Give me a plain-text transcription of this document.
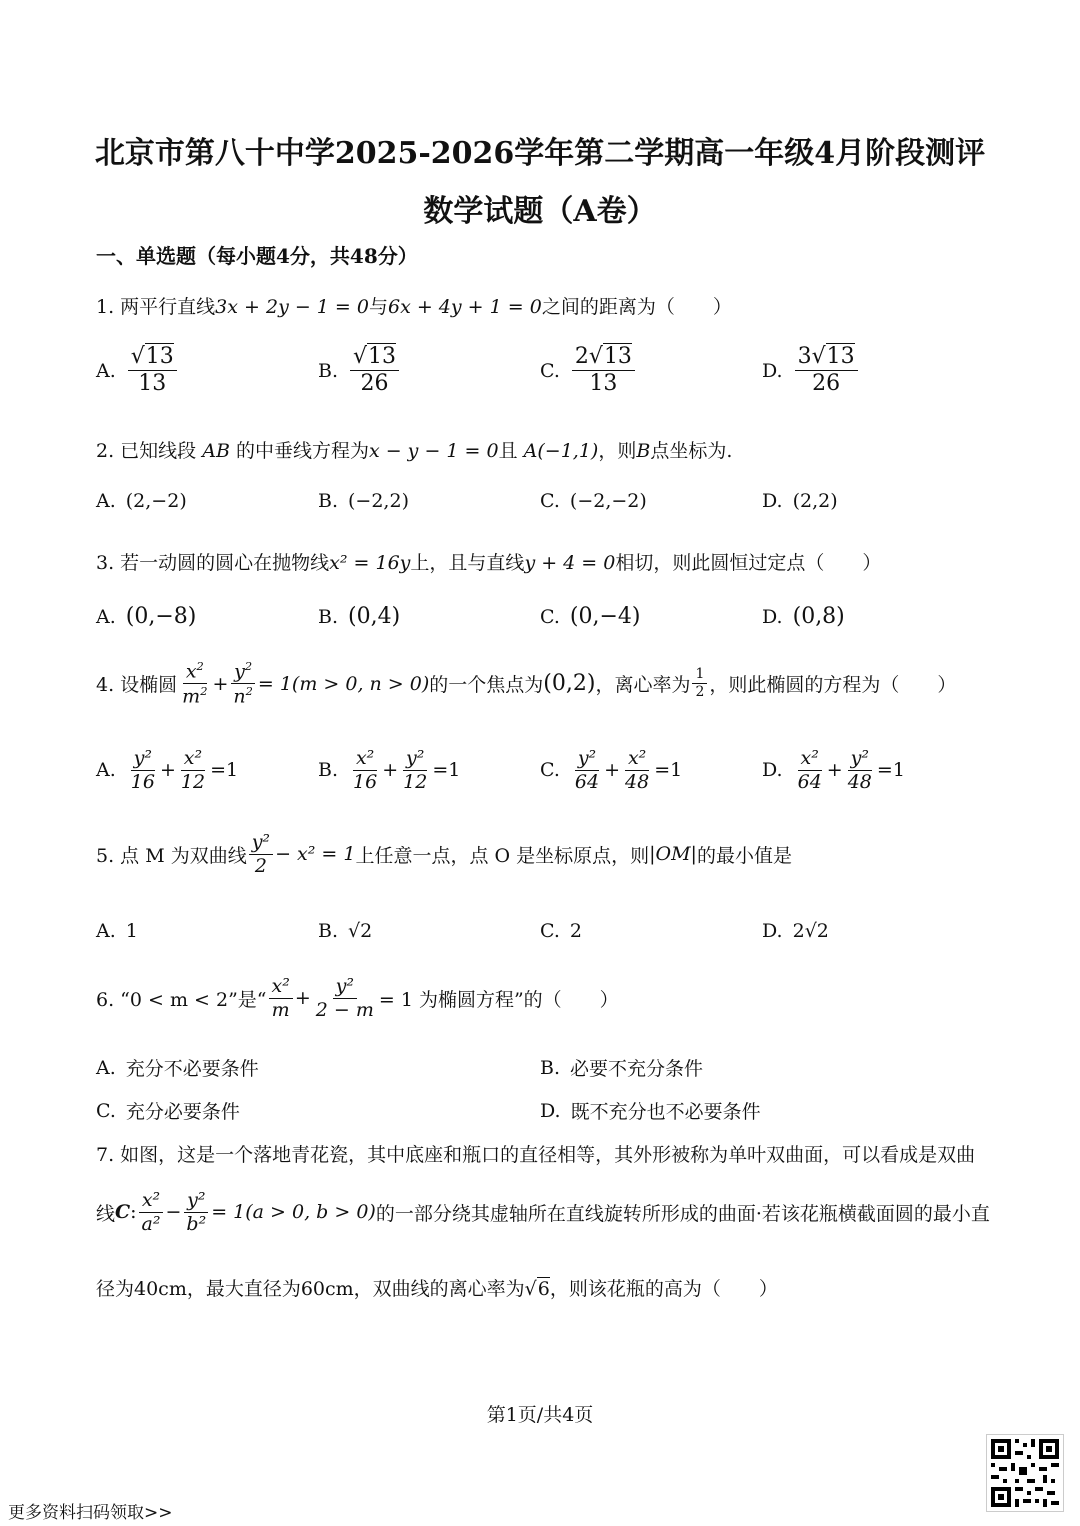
北京市第八十中学2025-2026学年第二学期高一年级4月阶段测评
数学试题（A卷）
一、单选题（每小题4分，共48分）
1. 两平行直线3x + 2y − 1 = 0与6x + 4y + 1 = 0之间的距离为（　　）
A. $\frac{√13}{13}$	B. $\frac{√13}{26}$	C. $\frac{2√13}{13}$	D. $\frac{3√13}{26}$
2. 已知线段 AB 的中垂线方程为x − y − 1 = 0且 A(−1,1)，则B点坐标为.
A. (2,−2)	B. (−2,2)	C. (−2,−2)	D. (2,2)
3. 若一动圆的圆心在抛物线x² = 16y上，且与直线y + 4 = 0相切，则此圆恒过定点（　　）
A. (0,−8)	B. (0,4)	C. (0,−4)	D. (0,8)
4. 设椭圆 $\frac{x^2}{m^2} + \frac{y^2}{n^2} = 1(m > 0$, n > 0) 的一个焦点为 (0,2) ，离心率为 $\frac{1}{2}$ ，则此椭圆的方程为（　　）
A. $\frac{\text{y²}}{16} + \frac{\text{x²}}{12} =1$	B. $\frac{\text{x²}}{16} + \frac{\text{y²}}{12} =1$	C. $\frac{\text{y²}}{64} + \frac{\text{x²}}{48} =1$	D. $\frac{\text{x²}}{64} + \frac{\text{y²}}{48} =1$
5. 点 M 为双曲线 $\frac{\text{y²}}{2} - x^2 = 1$ 上任意一点，点 O 是坐标原点，则 |OM| 的最小值是
A. 1	B. √2	C. 2	D. 2√2
6. “0 < m < 2”是“ $\frac{\text{x²}}{m} + \frac{\text{y²}}{2 - m} = 1$ 为椭圆方程”的（　　）
A. 充分不必要条件	B. 必要不充分条件
C. 充分必要条件	D. 既不充分也不必要条件
7. 如图，这是一个落地青花瓷，其中底座和瓶口的直径相等，其外形被称为单叶双曲面，可以看成是双曲
线 C : $\frac{\text{x²}}{\text{a²}} - \frac{\text{y²}}{\text{b²}} = 1(a > 0$, b > 0) 的一部分绕其虚轴所在直线旋转所形成的曲面·若该花瓶横截面圆的最小直
径为40cm，最大直径为60cm，双曲线的离心率为√6，则该花瓶的高为（　　）
第1页/共4页
更多资料扫码领取>>
